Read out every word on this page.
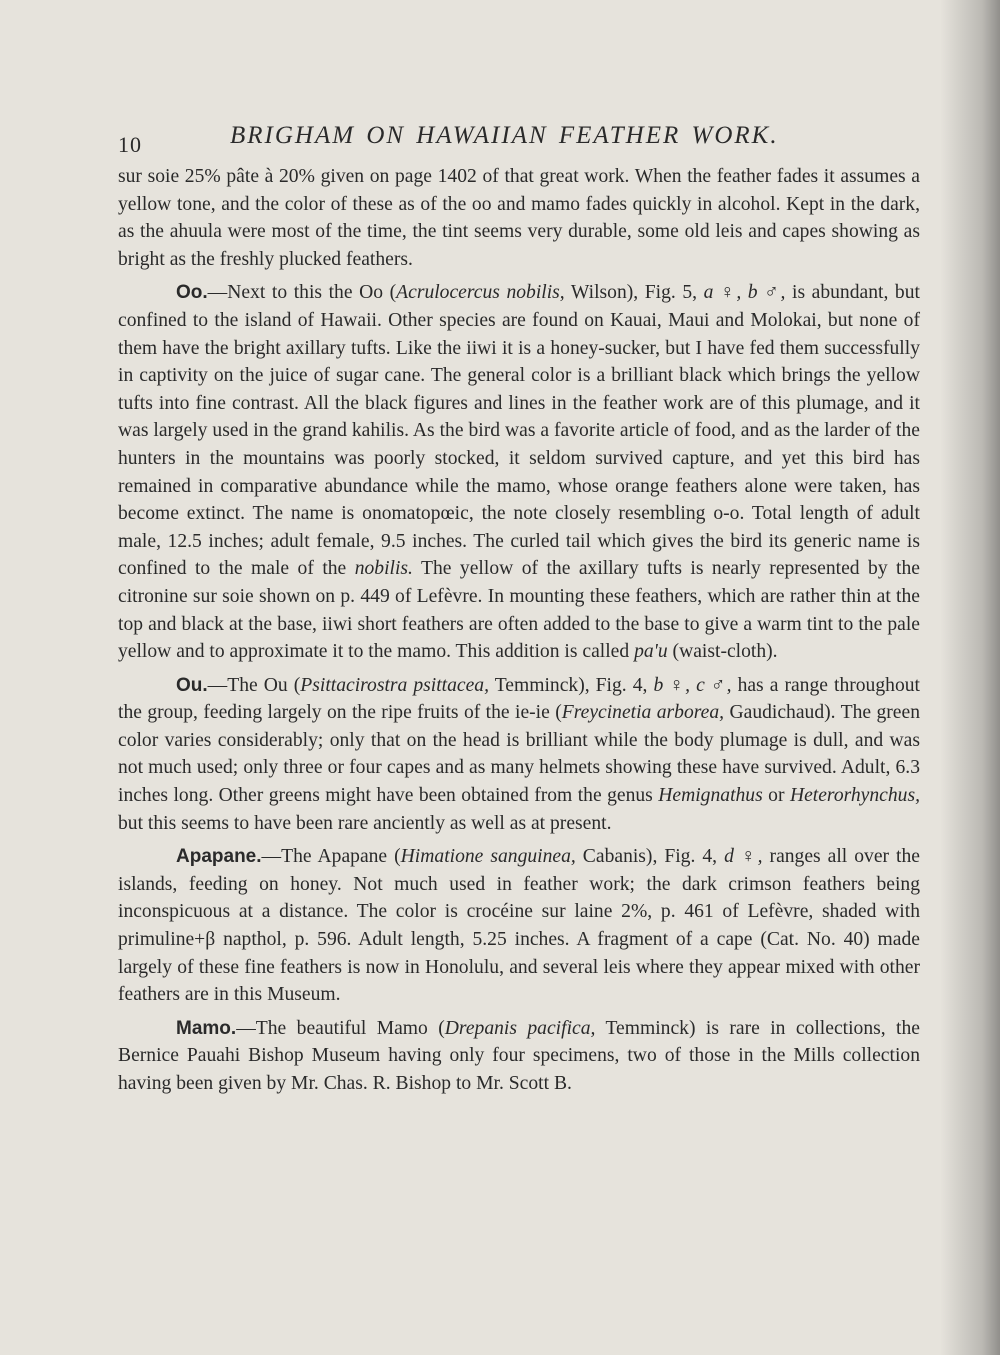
10	BRIGHAM ON HAWAIIAN FEATHER WORK.

sur soie 25% pâte à 20% given on page 1402 of that great work. When the feather fades it assumes a yellow tone, and the color of these as of the oo and mamo fades quickly in alcohol. Kept in the dark, as the ahuula were most of the time, the tint seems very durable, some old leis and capes showing as bright as the freshly plucked feathers.

Oo.—Next to this the Oo (Acrulocercus nobilis, Wilson), Fig. 5, a ♀, b ♂, is abundant, but confined to the island of Hawaii. Other species are found on Kauai, Maui and Molokai, but none of them have the bright axillary tufts. Like the iiwi it is a honey-sucker, but I have fed them successfully in captivity on the juice of sugar cane. The general color is a brilliant black which brings the yellow tufts into fine contrast. All the black figures and lines in the feather work are of this plumage, and it was largely used in the grand kahilis. As the bird was a favorite article of food, and as the larder of the hunters in the mountains was poorly stocked, it seldom survived capture, and yet this bird has remained in comparative abundance while the mamo, whose orange feathers alone were taken, has become extinct. The name is onomatopœic, the note closely resembling o-o. Total length of adult male, 12.5 inches; adult female, 9.5 inches. The curled tail which gives the bird its generic name is confined to the male of the nobilis. The yellow of the axillary tufts is nearly represented by the citronine sur soie shown on p. 449 of Lefèvre. In mounting these feathers, which are rather thin at the top and black at the base, iiwi short feathers are often added to the base to give a warm tint to the pale yellow and to approximate it to the mamo. This addition is called pa'u (waist-cloth).

Ou.—The Ou (Psittacirostra psittacea, Temminck), Fig. 4, b ♀, c ♂, has a range throughout the group, feeding largely on the ripe fruits of the ie-ie (Freycinetia arborea, Gaudichaud). The green color varies considerably; only that on the head is brilliant while the body plumage is dull, and was not much used; only three or four capes and as many helmets showing these have survived. Adult, 6.3 inches long. Other greens might have been obtained from the genus Hemignathus or Heterorhynchus, but this seems to have been rare anciently as well as at present.

Apapane.—The Apapane (Himatione sanguinea, Cabanis), Fig. 4, d ♀, ranges all over the islands, feeding on honey. Not much used in feather work; the dark crimson feathers being inconspicuous at a distance. The color is crocéine sur laine 2%, p. 461 of Lefèvre, shaded with primuline+β napthol, p. 596. Adult length, 5.25 inches. A fragment of a cape (Cat. No. 40) made largely of these fine feathers is now in Honolulu, and several leis where they appear mixed with other feathers are in this Museum.

Mamo.—The beautiful Mamo (Drepanis pacifica, Temminck) is rare in collections, the Bernice Pauahi Bishop Museum having only four specimens, two of those in the Mills collection having been given by Mr. Chas. R. Bishop to Mr. Scott B.
